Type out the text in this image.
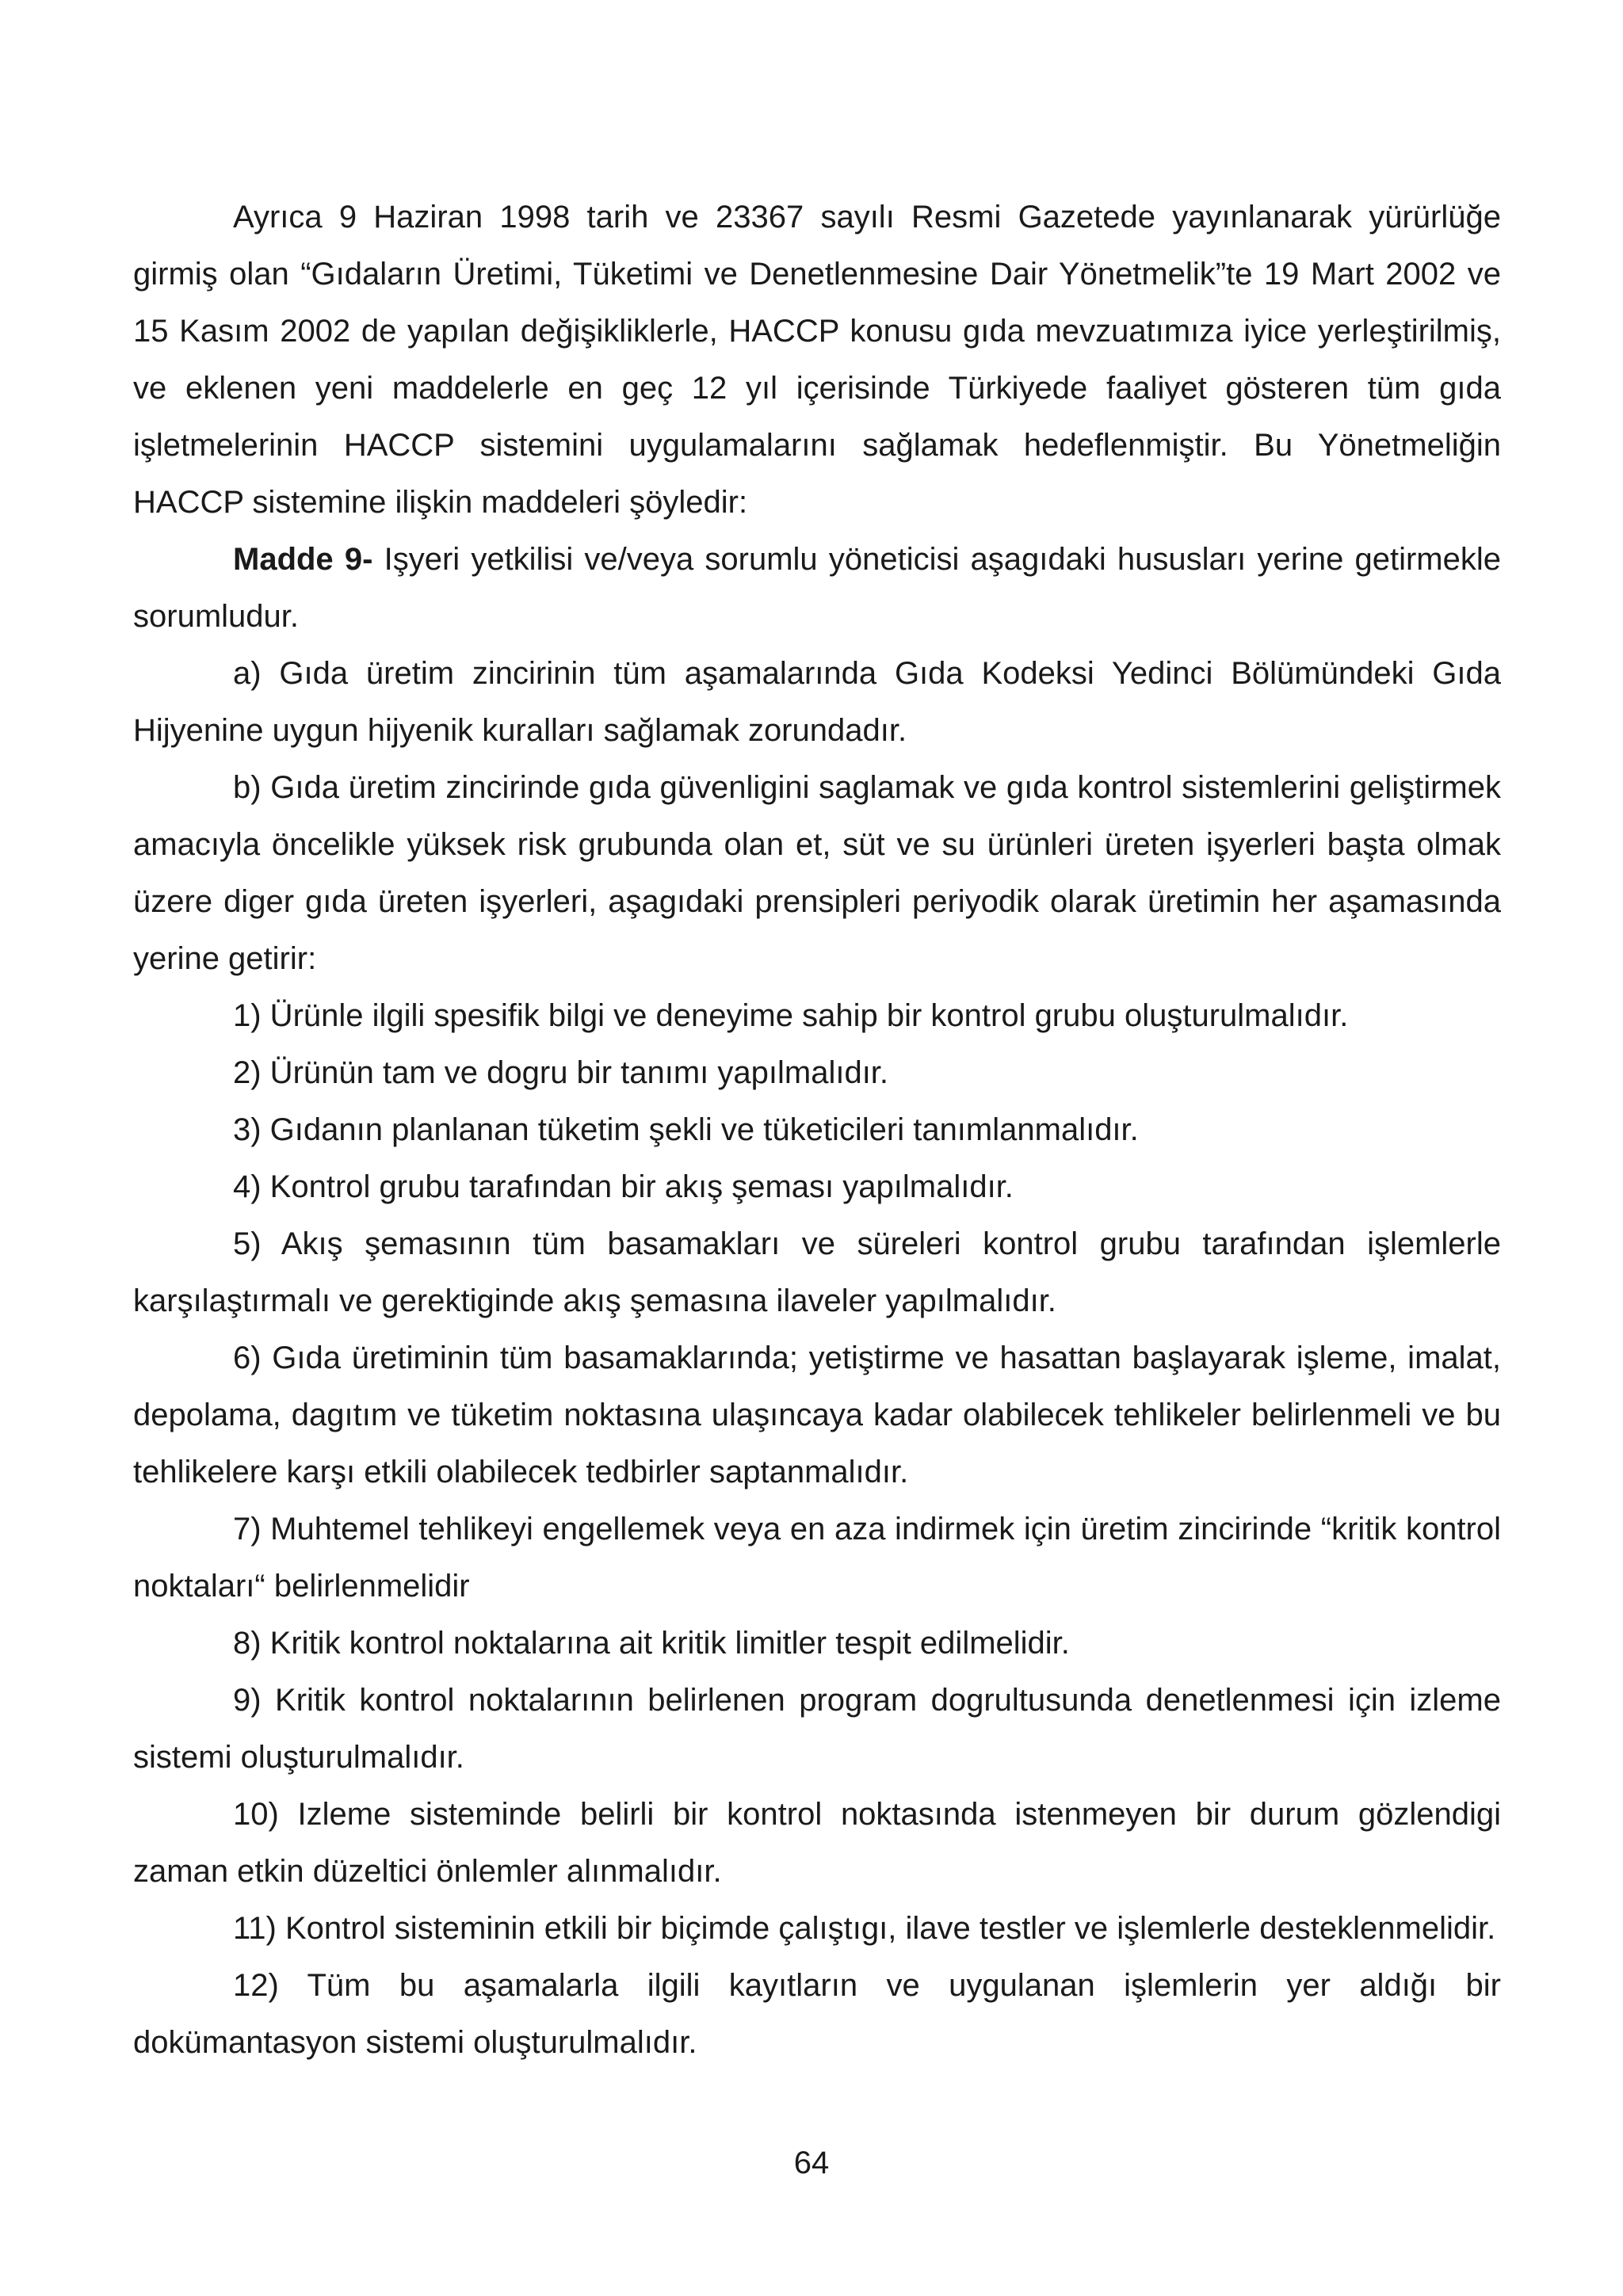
Ayrıca 9 Haziran 1998 tarih ve 23367 sayılı Resmi Gazetede yayınlanarak yürürlüğe girmiş olan “Gıdaların Üretimi, Tüketimi ve Denetlenmesine Dair Yönetmelik”te 19 Mart 2002 ve 15 Kasım 2002 de yapılan değişikliklerle, HACCP konusu gıda mevzuatımıza iyice yerleştirilmiş, ve eklenen yeni maddelerle en geç 12 yıl içerisinde Türkiyede faaliyet gösteren tüm gıda işletmelerinin HACCP sistemini uygulamalarını sağlamak hedeflenmiştir. Bu Yönetmeliğin HACCP sistemine ilişkin maddeleri şöyledir:

Madde 9- Işyeri yetkilisi ve/veya sorumlu yöneticisi aşagıdaki hususları yerine getirmekle sorumludur.

a) Gıda üretim zincirinin tüm aşamalarında Gıda Kodeksi Yedinci Bölümündeki Gıda Hijyenine uygun hijyenik kuralları sağlamak zorundadır.

b) Gıda üretim zincirinde gıda güvenligini saglamak ve gıda kontrol sistemlerini geliştirmek amacıyla öncelikle yüksek risk grubunda olan et, süt ve su ürünleri üreten işyerleri başta olmak üzere diger gıda üreten işyerleri, aşagıdaki prensipleri periyodik olarak üretimin her aşamasında yerine getirir:

1) Ürünle ilgili spesifik bilgi ve deneyime sahip bir kontrol grubu oluşturulmalıdır.

2) Ürünün tam ve dogru bir tanımı yapılmalıdır.

3) Gıdanın planlanan tüketim şekli ve tüketicileri tanımlanmalıdır.

4) Kontrol grubu tarafından bir akış şeması yapılmalıdır.

5) Akış şemasının tüm basamakları ve süreleri kontrol grubu tarafından işlemlerle karşılaştırmalı ve gerektiginde akış şemasına ilaveler yapılmalıdır.

6) Gıda üretiminin tüm basamaklarında; yetiştirme ve hasattan başlayarak işleme, imalat, depolama, dagıtım ve tüketim noktasına ulaşıncaya kadar olabilecek tehlikeler belirlenmeli ve bu tehlikelere karşı etkili olabilecek tedbirler saptanmalıdır.

7) Muhtemel tehlikeyi engellemek veya en aza indirmek için üretim zincirinde “kritik kontrol noktaları“ belirlenmelidir

8) Kritik kontrol noktalarına ait kritik limitler tespit edilmelidir.

9) Kritik kontrol noktalarının belirlenen program dogrultusunda denetlenmesi için izleme sistemi oluşturulmalıdır.

10) Izleme sisteminde belirli bir kontrol noktasında istenmeyen bir durum gözlendigi zaman etkin düzeltici önlemler alınmalıdır.

11) Kontrol sisteminin etkili bir biçimde çalıştıgı, ilave testler ve işlemlerle desteklenmelidir.

12) Tüm bu aşamalarla ilgili kayıtların ve uygulanan işlemlerin yer aldığı bir dokümantasyon sistemi oluşturulmalıdır.

64
